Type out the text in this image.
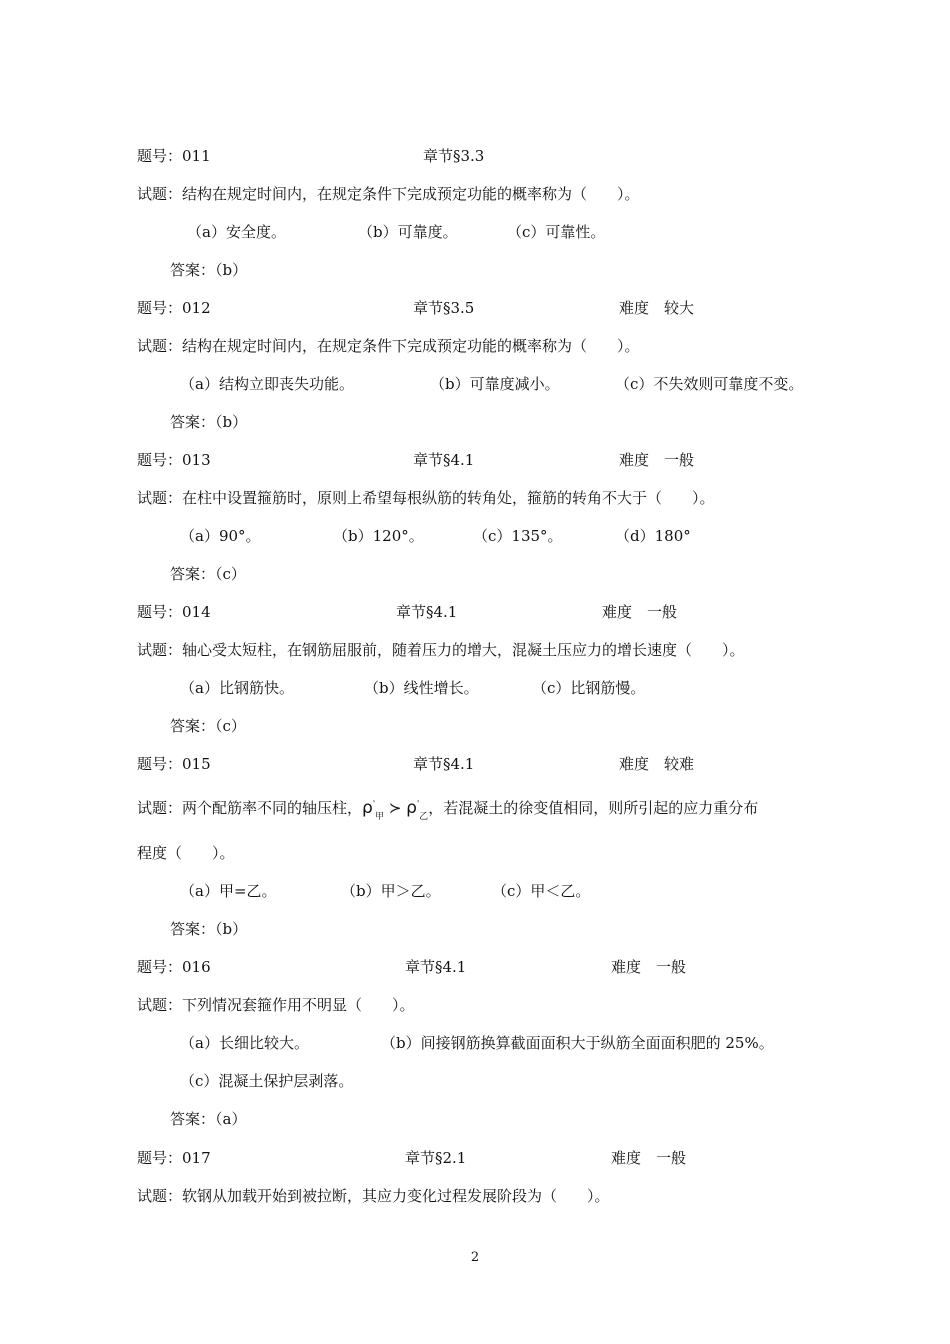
题号：011	章节§3.3
试题：结构在规定时间内，在规定条件下完成预定功能的概率称为（　　）。
（a）安全度。	（b）可靠度。	（c）可靠性。
答案：（b）
题号：012	章节§3.5	难度　较大
试题：结构在规定时间内，在规定条件下完成预定功能的概率称为（　　）。
（a）结构立即丧失功能。	（b）可靠度减小。	（c）不失效则可靠度不变。
答案：（b）
题号：013	章节§4.1	难度　一般
试题：在柱中设置箍筋时，原则上希望每根纵筋的转角处，箍筋的转角不大于（　　）。
（a）90°。	（b）120°。	（c）135°。	（d）180°
答案：（c）
题号：014	章节§4.1	难度　一般
试题：轴心受太短柱，在钢筋屈服前，随着压力的增大，混凝土压应力的增长速度（　　）。
（a）比钢筋快。	（b）线性增长。	（c）比钢筋慢。
答案：（c）
题号：015	章节§4.1	难度　较难
试题：两个配筋率不同的轴压柱，$\rho'_甲$ ≻ $\rho'_乙$，若混凝土的徐变值相同，则所引起的应力重分布
程度（　　）。
（a）甲=乙。	（b）甲＞乙。	（c）甲＜乙。
答案：（b）
题号：016	章节§4.1	难度　一般
试题：下列情况套箍作用不明显（　　）。
（a）长细比较大。	（b）间接钢筋换算截面面积大于纵筋全面面积肥的 25%。
（c）混凝土保护层剥落。
答案：（a）
题号：017	章节§2.1	难度　一般
试题：软钢从加载开始到被拉断，其应力变化过程发展阶段为（　　）。
2
